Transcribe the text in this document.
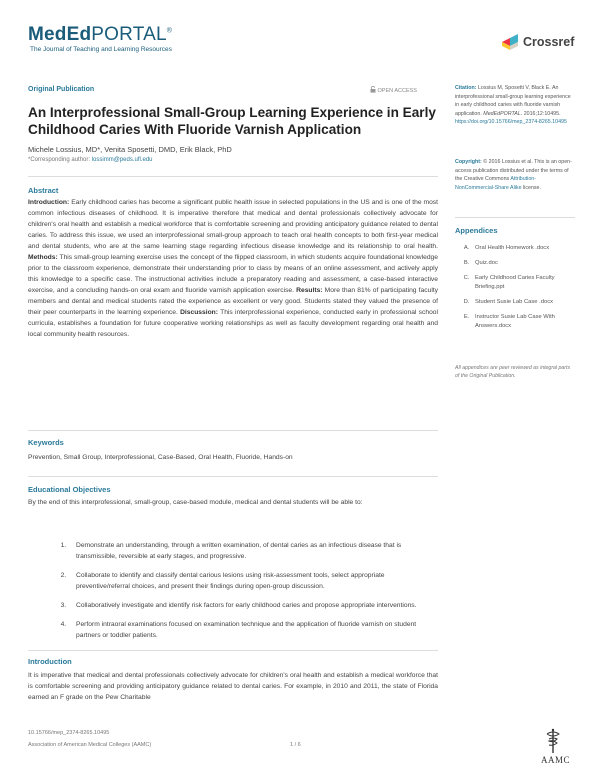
MedEdPORTAL®
The Journal of Teaching and Learning Resources
Crossref
Original Publication	OPEN ACCESS
An Interprofessional Small-Group Learning Experience in Early Childhood Caries With Fluoride Varnish Application
Michele Lossius, MD*, Venita Sposetti, DMD, Erik Black, PhD
*Corresponding author: lossimm@peds.ufl.edu
Abstract
Introduction: Early childhood caries has become a significant public health issue in selected populations in the US and is one of the most common infectious diseases of childhood. It is imperative therefore that medical and dental professionals collectively advocate for children's oral health and establish a medical workforce that is comfortable screening and providing anticipatory guidance related to dental caries. To address this issue, we used an interprofessional small-group approach to teach oral health concepts to both first-year medical and dental students, who are at the same learning stage regarding infectious disease knowledge and its relationship to oral health. Methods: This small-group learning exercise uses the concept of the flipped classroom, in which students acquire foundational knowledge prior to the classroom experience, demonstrate their understanding prior to class by means of an online assessment, and actively apply this knowledge to a specific case. The instructional activities include a preparatory reading and assessment, a case-based interactive exercise, and a concluding hands-on oral exam and fluoride varnish application exercise. Results: More than 81% of participating faculty members and dental and medical students rated the experience as excellent or very good. Students stated they valued the presence of their peer counterparts in the learning experience. Discussion: This interprofessional experience, conducted early in professional school curricula, establishes a foundation for future cooperative working relationships as well as faculty development regarding oral health and local community health resources.
Keywords
Prevention, Small Group, Interprofessional, Case-Based, Oral Health, Fluoride, Hands-on
Educational Objectives
By the end of this interprofessional, small-group, case-based module, medical and dental students will be able to:
1. Demonstrate an understanding, through a written examination, of dental caries as an infectious disease that is transmissible, reversible at early stages, and progressive.
2. Collaborate to identify and classify dental carious lesions using risk-assessment tools, select appropriate preventive/referral choices, and present their findings during open-group discussion.
3. Collaboratively investigate and identify risk factors for early childhood caries and propose appropriate interventions.
4. Perform intraoral examinations focused on examination technique and the application of fluoride varnish on student partners or toddler patients.
Introduction
It is imperative that medical and dental professionals collectively advocate for children's oral health and establish a medical workforce that is comfortable screening and providing anticipatory guidance related to dental caries. For example, in 2010 and 2011, the state of Florida earned an F grade on the Pew Charitable
Citation: Lossius M, Sposetti V, Black E. An interprofessional small-group learning experience in early childhood caries with fluoride varnish application. MedEdPORTAL. 2016;12:10495. https://doi.org/10.15766/mep_2374-8265.10495
Copyright: © 2016 Lossius et al. This is an open-access publication distributed under the terms of the Creative Commons Attribution-NonCommercial-Share Alike license.
Appendices
A. Oral Health Homework .docx
B. Quiz.doc
C. Early Childhood Caries Faculty Briefing.ppt
D. Student Susie Lab Case .docx
E. Instructor Susie Lab Case With Answers.docx
All appendices are peer reviewed as integral parts of the Original Publication.
10.15766/mep_2374-8265.10495
Association of American Medical Colleges (AAMC)	1 / 6
AAMC
